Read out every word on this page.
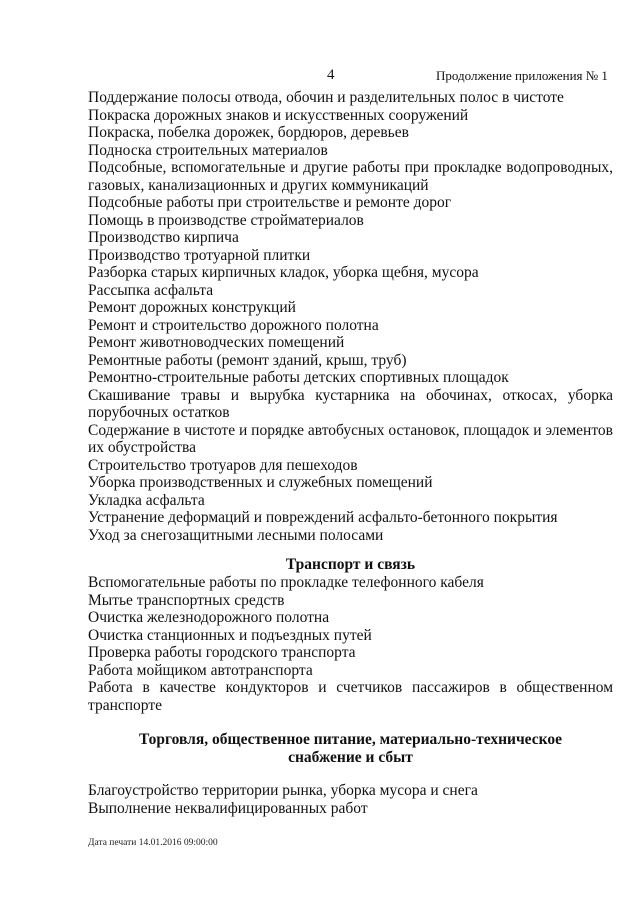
4	Продолжение приложения № 1
Поддержание полосы отвода, обочин и разделительных полос в чистоте
Покраска дорожных знаков и искусственных сооружений
Покраска, побелка дорожек, бордюров, деревьев
Подноска строительных материалов
Подсобные, вспомогательные и другие работы при прокладке водопроводных,
газовых, канализационных и других коммуникаций
Подсобные работы при строительстве и ремонте дорог
Помощь в производстве стройматериалов
Производство кирпича
Производство тротуарной плитки
Разборка старых кирпичных кладок, уборка щебня, мусора
Рассыпка асфальта
Ремонт дорожных конструкций
Ремонт и строительство дорожного полотна
Ремонт животноводческих помещений
Ремонтные работы (ремонт зданий, крыш, труб)
Ремонтно-строительные работы детских спортивных площадок
Скашивание травы и вырубка кустарника на обочинах, откосах, уборка
порубочных остатков
Содержание в чистоте и порядке автобусных остановок, площадок и элементов
их обустройства
Строительство тротуаров для пешеходов
Уборка производственных и служебных помещений
Укладка асфальта
Устранение деформаций и повреждений асфальто-бетонного покрытия
Уход за снегозащитными лесными полосами
Транспорт и связь
Вспомогательные работы по прокладке телефонного кабеля
Мытье транспортных средств
Очистка железнодорожного полотна
Очистка станционных и подъездных путей
Проверка работы городского транспорта
Работа мойщиком автотранспорта
Работа в качестве кондукторов и счетчиков пассажиров в общественном
транспорте
Торговля, общественное питание, материально-техническое
снабжение и сбыт
Благоустройство территории рынка, уборка мусора и снега
Выполнение неквалифицированных работ
Дата печати 14.01.2016 09:00:00
